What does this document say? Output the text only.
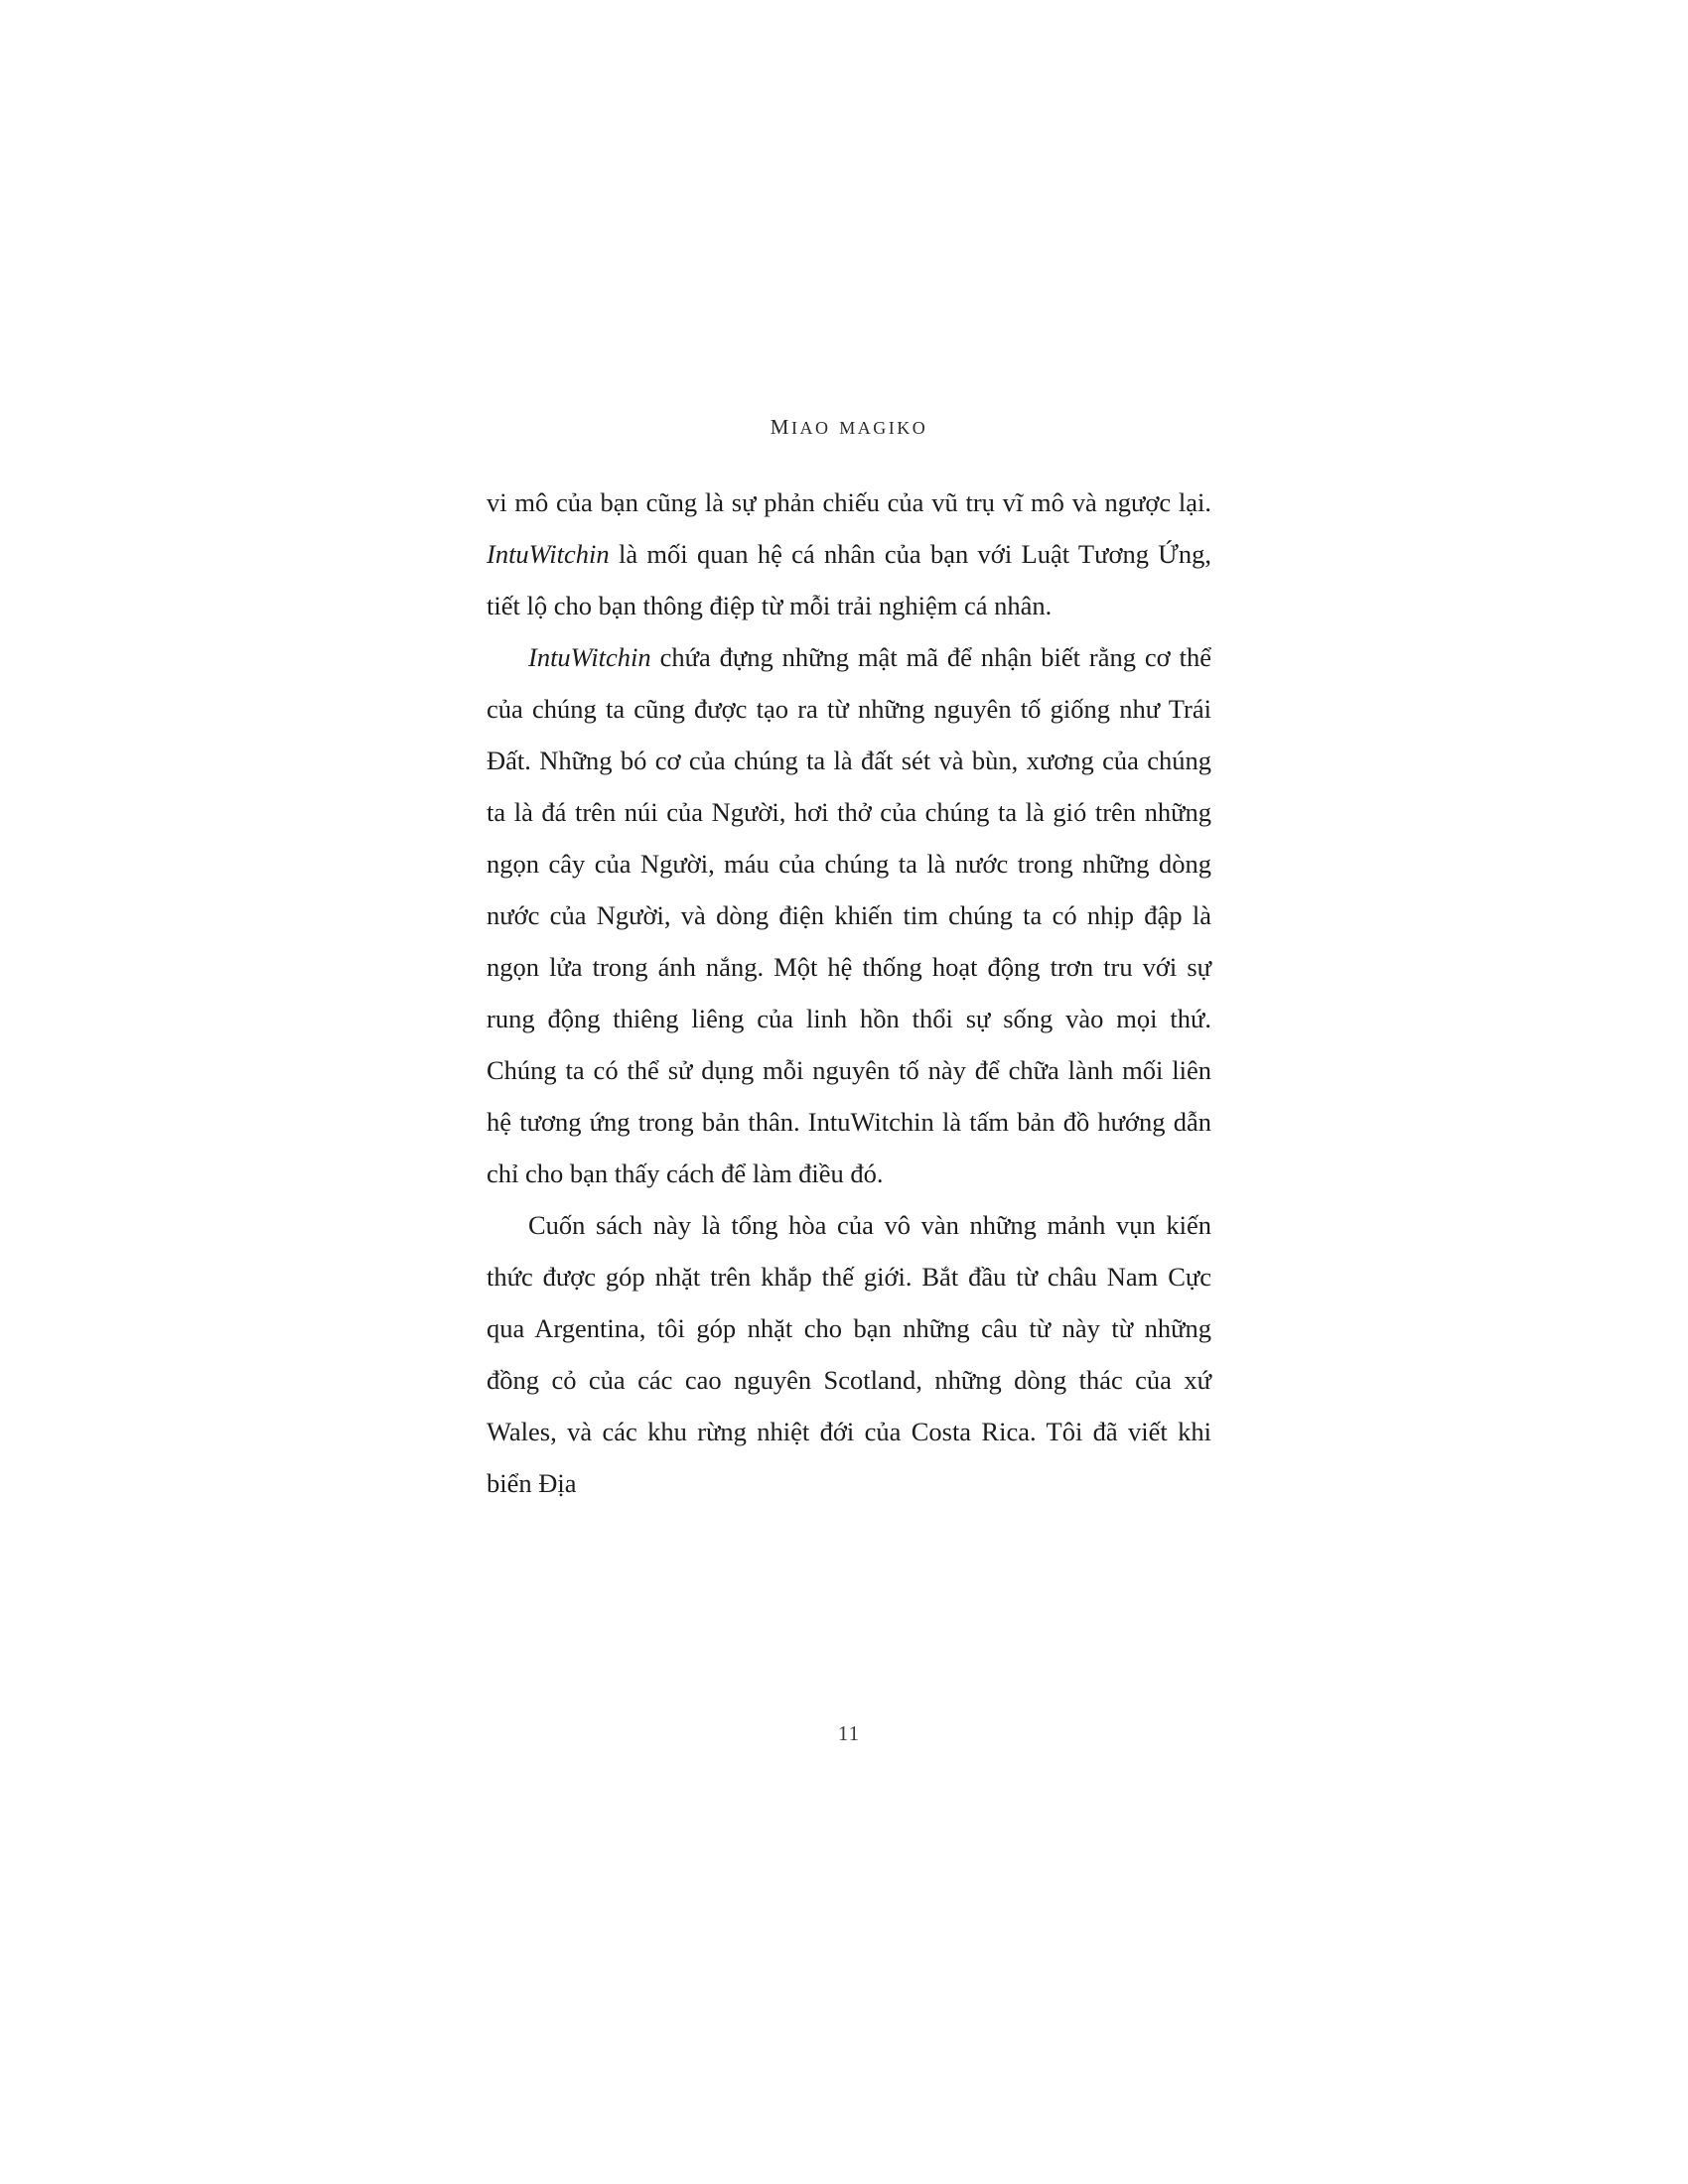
miao magiko

vi mô của bạn cũng là sự phản chiếu của vũ trụ vĩ mô và ngược lại. IntuWitchin là mối quan hệ cá nhân của bạn với Luật Tương Ứng, tiết lộ cho bạn thông điệp từ mỗi trải nghiệm cá nhân.

IntuWitchin chứa đựng những mật mã để nhận biết rằng cơ thể của chúng ta cũng được tạo ra từ những nguyên tố giống như Trái Đất. Những bó cơ của chúng ta là đất sét và bùn, xương của chúng ta là đá trên núi của Người, hơi thở của chúng ta là gió trên những ngọn cây của Người, máu của chúng ta là nước trong những dòng nước của Người, và dòng điện khiến tim chúng ta có nhịp đập là ngọn lửa trong ánh nắng. Một hệ thống hoạt động trơn tru với sự rung động thiêng liêng của linh hồn thổi sự sống vào mọi thứ. Chúng ta có thể sử dụng mỗi nguyên tố này để chữa lành mối liên hệ tương ứng trong bản thân. IntuWitchin là tấm bản đồ hướng dẫn chỉ cho bạn thấy cách để làm điều đó.

Cuốn sách này là tổng hòa của vô vàn những mảnh vụn kiến thức được góp nhặt trên khắp thế giới. Bắt đầu từ châu Nam Cực qua Argentina, tôi góp nhặt cho bạn những câu từ này từ những đồng cỏ của các cao nguyên Scotland, những dòng thác của xứ Wales, và các khu rừng nhiệt đới của Costa Rica. Tôi đã viết khi biển Địa

11
